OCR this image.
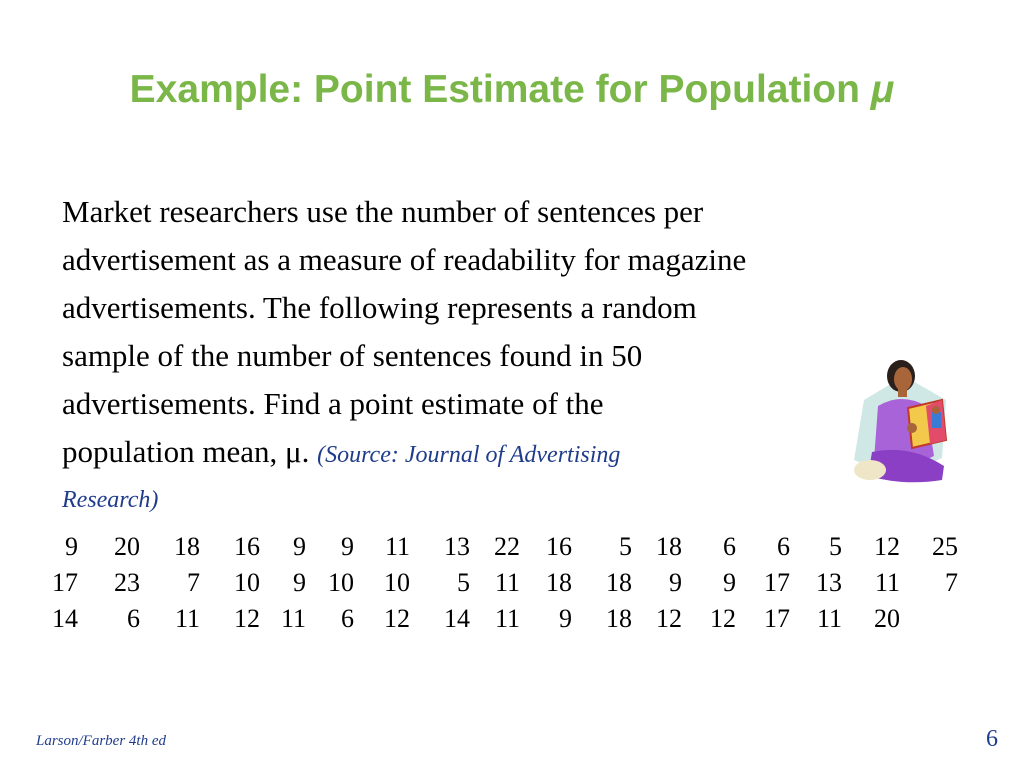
Example: Point Estimate for Population μ
Market researchers use the number of sentences per
advertisement as a measure of readability for magazine
advertisements. The following represents a random
sample of the number of sentences found in 50
advertisements. Find a point estimate of the
population mean, μ. (Source: Journal of Advertising
Research)
9	20	18	16	9	9	11	13 22	16	5 18	6	6	5	12	25
17	23	7	10	9 10	10	5 11	18	18	9	9	17	13	11	7
14	6	11	12 11	6	12	14 11	9	18 12	12	17	11	20
Larson/Farber 4th ed	6
